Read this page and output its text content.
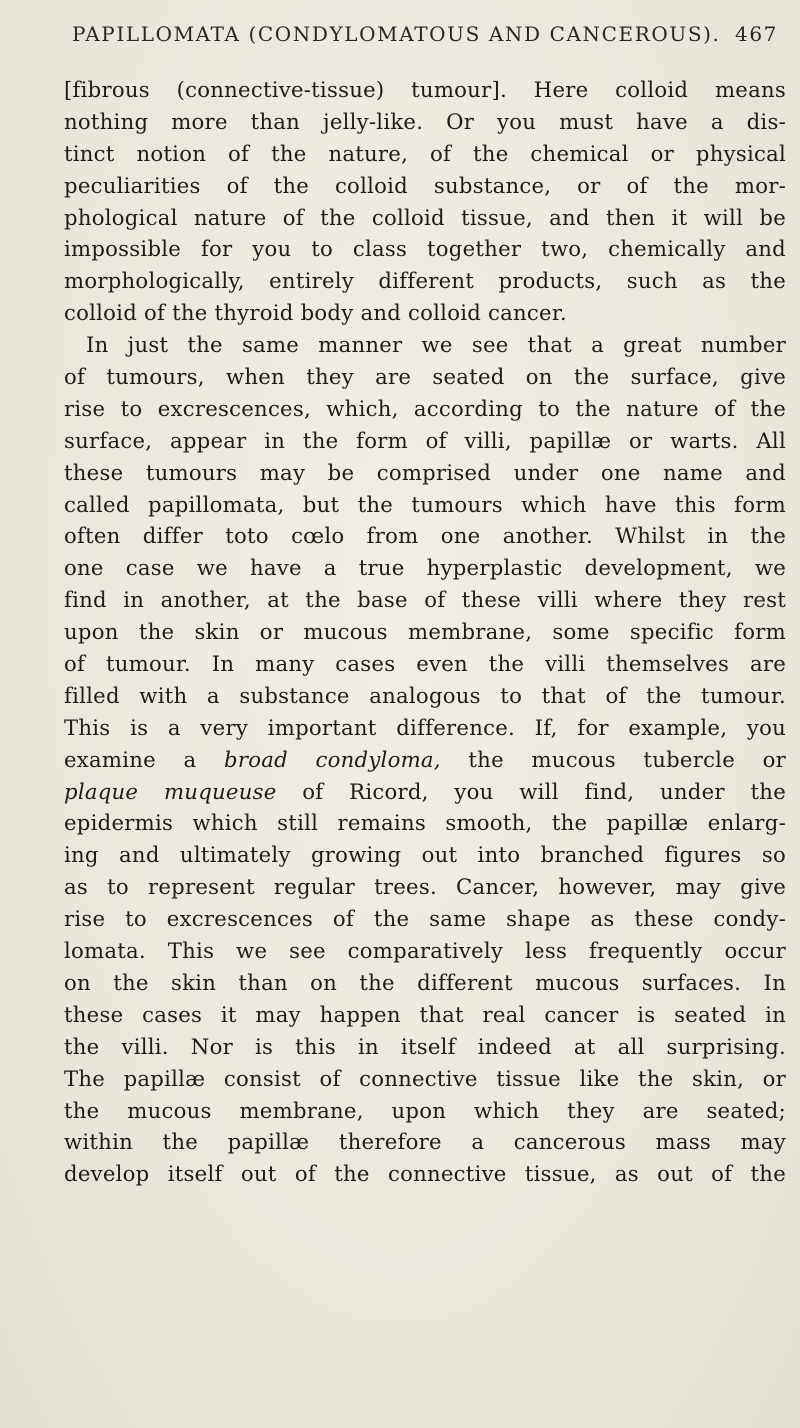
PAPILLOMATA (CONDYLOMATOUS AND CANCEROUS). 467
[fibrous (connective-tissue) tumour]. Here colloid means
nothing more than jelly-like. Or you must have a dis-
tinct notion of the nature, of the chemical or physical
peculiarities of the colloid substance, or of the mor-
phological nature of the colloid tissue, and then it will be
impossible for you to class together two, chemically and
morphologically, entirely different products, such as the
colloid of the thyroid body and colloid cancer.
In just the same manner we see that a great number
of tumours, when they are seated on the surface, give
rise to excrescences, which, according to the nature of the
surface, appear in the form of villi, papillæ or warts. All
these tumours may be comprised under one name and
called papillomata, but the tumours which have this form
often differ toto cœlo from one another. Whilst in the
one case we have a true hyperplastic development, we
find in another, at the base of these villi where they rest
upon the skin or mucous membrane, some specific form
of tumour. In many cases even the villi themselves are
filled with a substance analogous to that of the tumour.
This is a very important difference. If, for example, you
examine a broad condyloma, the mucous tubercle or
plaque muqueuse of Ricord, you will find, under the
epidermis which still remains smooth, the papillæ enlarg-
ing and ultimately growing out into branched figures so
as to represent regular trees. Cancer, however, may give
rise to excrescences of the same shape as these condy-
lomata. This we see comparatively less frequently occur
on the skin than on the different mucous surfaces. In
these cases it may happen that real cancer is seated in
the villi. Nor is this in itself indeed at all surprising.
The papillæ consist of connective tissue like the skin, or
the mucous membrane, upon which they are seated;
within the papillæ therefore a cancerous mass may
develop itself out of the connective tissue, as out of the
